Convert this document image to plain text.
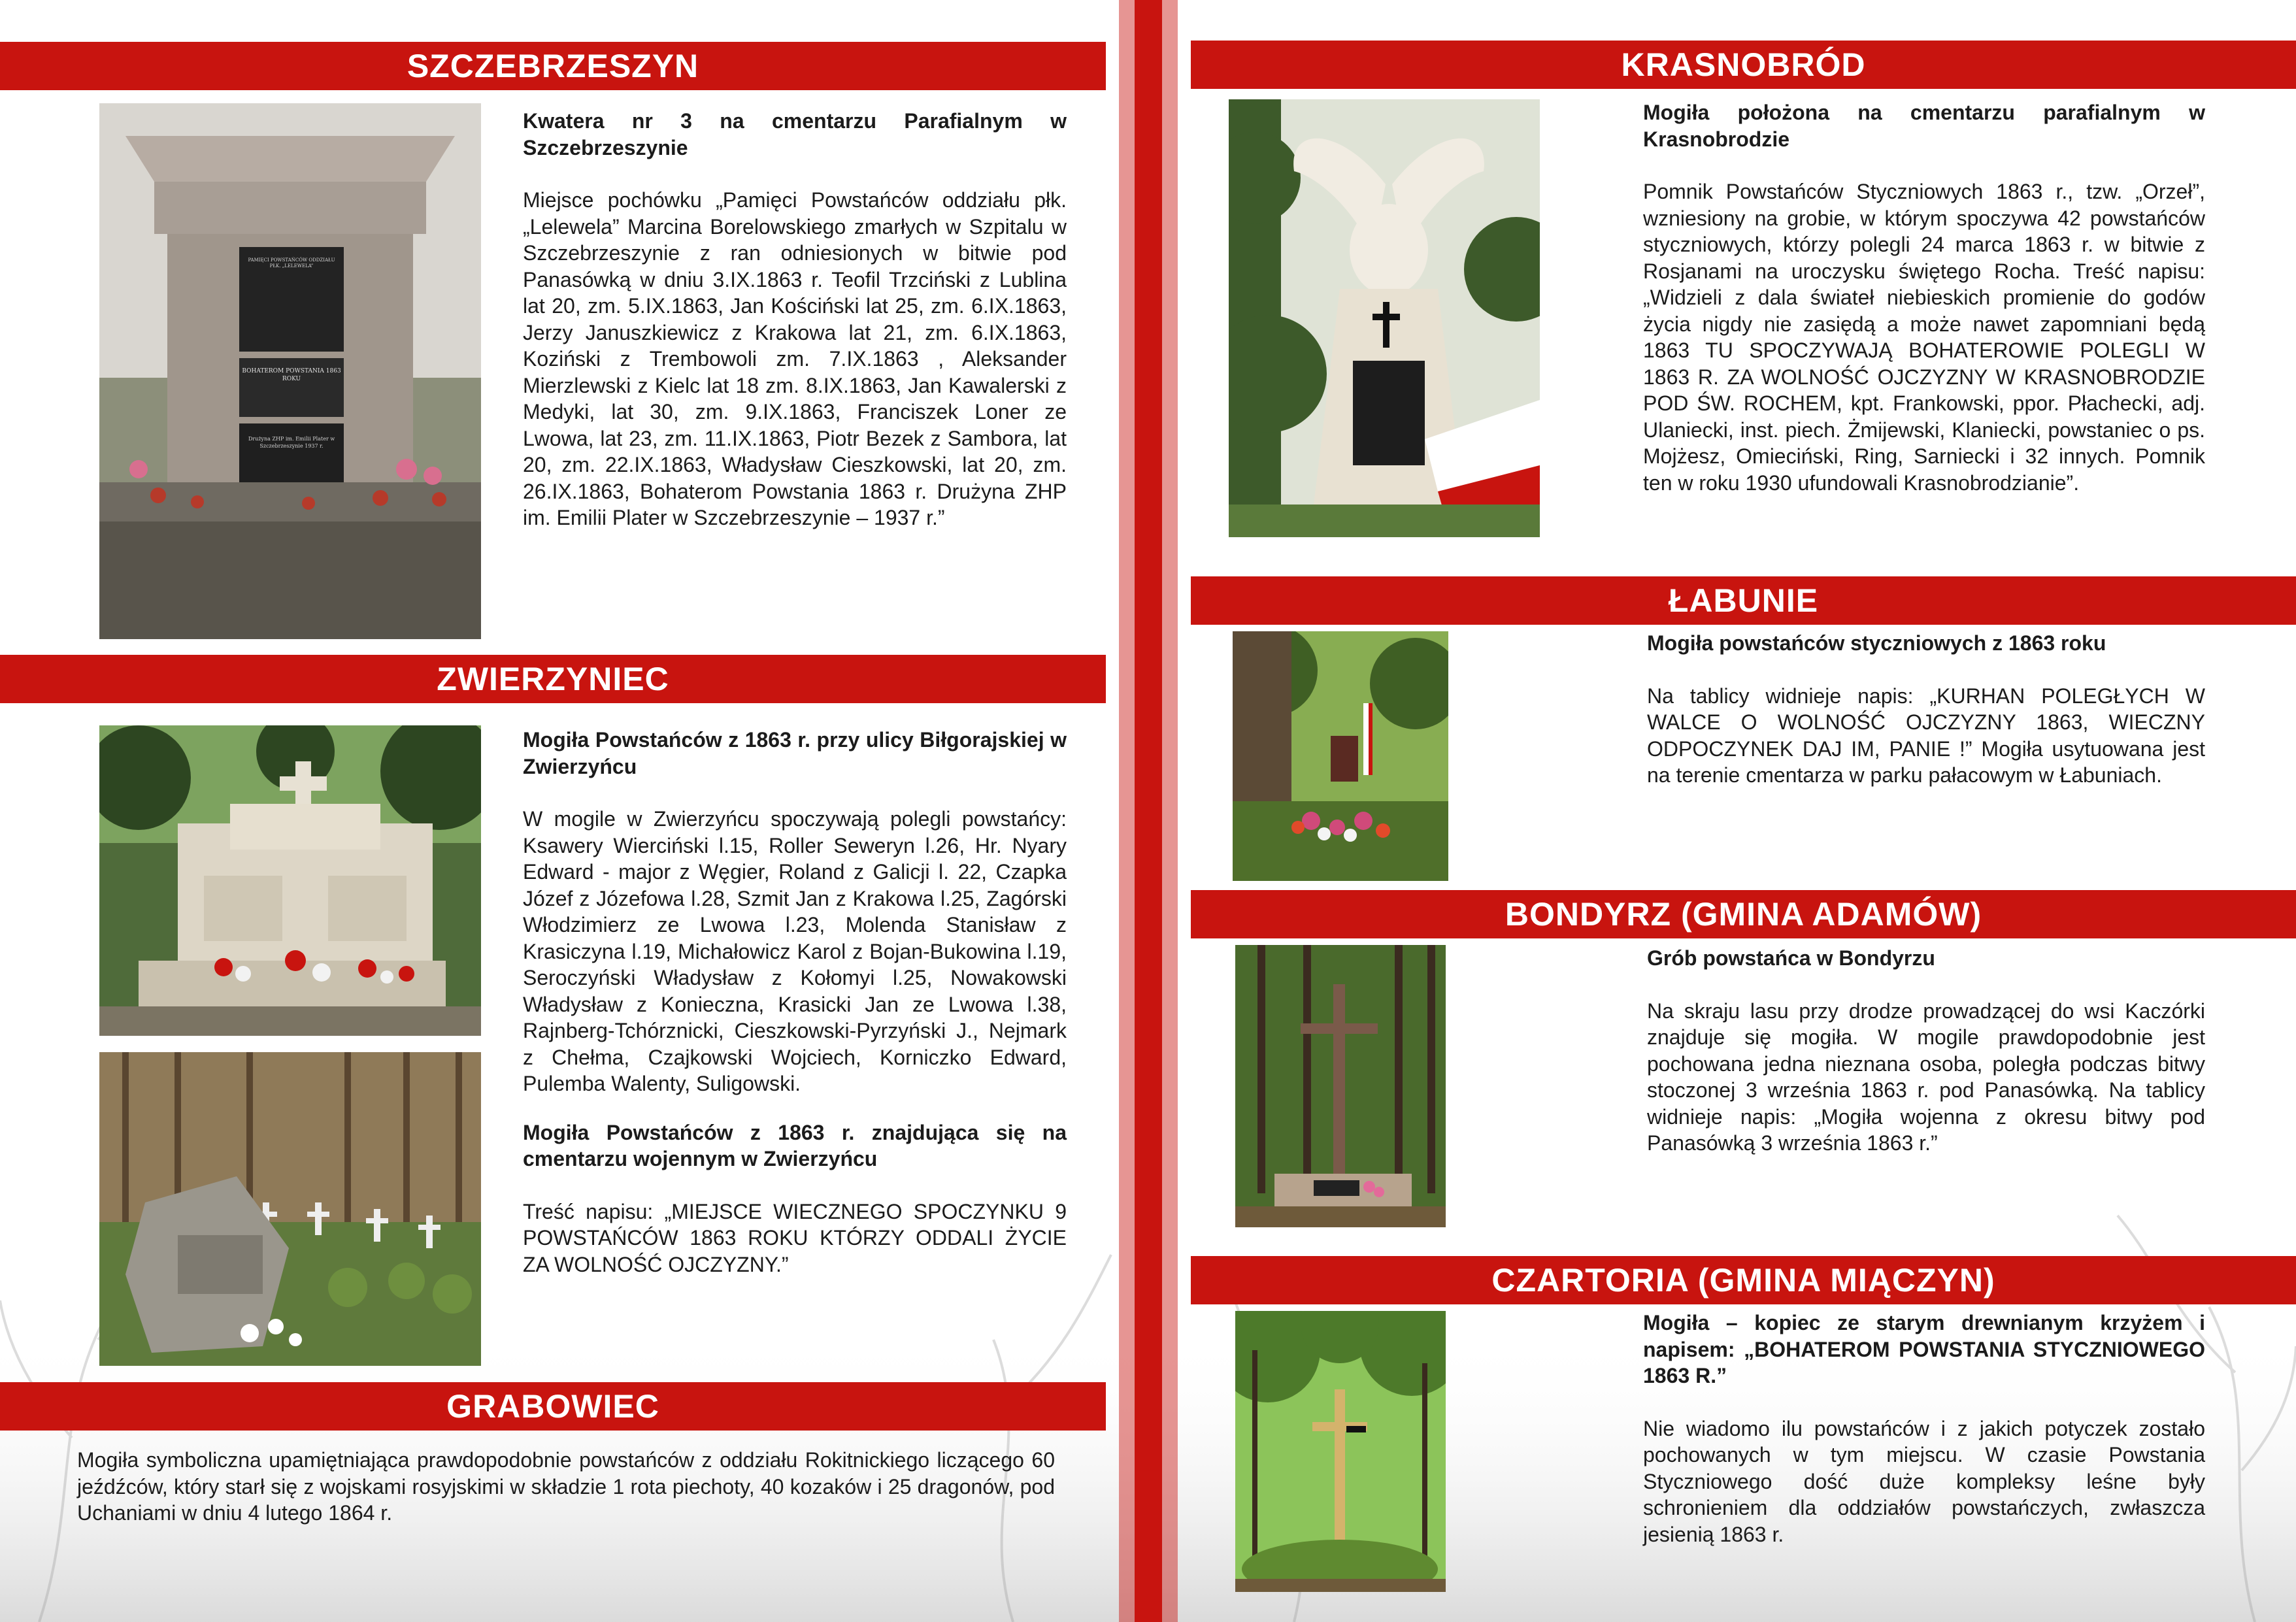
SZCZEBRZESZYN
PAMIĘCI POWSTAŃCÓW ODDZIAŁU PŁK. „LELEWELA”
BOHATEROM POWSTANIA 1863 ROKU
Drużyna ZHP im. Emilii Plater w Szczebrzeszynie 1937 r.
Kwatera nr 3 na cmentarzu Parafialnym w Szczebrzeszynie
Miejsce pochówku „Pamięci Powstańców oddziału płk. „Lelewela” Marcina Borelowskiego zmarłych w Szpitalu w Szczebrzeszynie z ran odniesionych w bitwie pod Panasówką w dniu 3.IX.1863 r. Teofil Trzciński z Lublina lat 20, zm. 5.IX.1863, Jan Kościński lat 25, zm. 6.IX.1863, Jerzy Januszkiewicz z Krakowa lat 21, zm. 6.IX.1863, Koziński z Trembowoli zm. 7.IX.1863 , Aleksander Mierzlewski z Kielc lat 18 zm. 8.IX.1863, Jan Kawalerski z Medyki, lat 30, zm. 9.IX.1863, Franciszek Loner ze Lwowa, lat 23, zm. 11.IX.1863, Piotr Bezek z Sambora, lat 20, zm. 22.IX.1863, Władysław Cieszkowski, lat 20, zm. 26.IX.1863, Bohaterom Powstania 1863 r. Drużyna ZHP im. Emilii Plater w Szczebrzeszynie – 1937 r.”
ZWIERZYNIEC
Mogiła Powstańców z 1863 r. przy ulicy Biłgorajskiej w Zwierzyńcu
W mogile w Zwierzyńcu spoczywają polegli powstańcy: Ksawery Wierciński l.15, Roller Seweryn l.26, Hr. Nyary Edward - major z Węgier, Roland z Galicji l. 22, Czapka Józef z Józefowa l.28, Szmit Jan z Krakowa l.25, Zagórski Włodzimierz ze Lwowa l.23, Molenda Stanisław z Krasiczyna l.19, Michałowicz Karol z Bojan-Bukowina l.19, Seroczyński Władysław z Kołomyi l.25, Nowakowski Władysław z Konieczna, Krasicki Jan ze Lwowa l.38, Rajnberg-Tchórznicki, Cieszkowski-Pyrzyński J., Nejmark z Chełma, Czajkowski Wojciech, Korniczko Edward, Pulemba Walenty, Suligowski.
Mogiła Powstańców z 1863 r. znajdująca się na cmentarzu wojennym w Zwierzyńcu
Treść napisu: „MIEJSCE WIECZNEGO SPOCZYNKU 9 POWSTAŃCÓW 1863 ROKU KTÓRZY ODDALI ŻYCIE ZA WOLNOŚĆ OJCZYZNY.”
GRABOWIEC
Mogiła symboliczna upamiętniająca prawdopodobnie powstańców z oddziału Rokitnickiego liczącego 60 jeźdźców, który starł się z wojskami rosyjskimi w składzie 1 rota piechoty, 40 kozaków i 25 dragonów, pod Uchaniami w dniu 4 lutego 1864 r.
KRASNOBRÓD
Mogiła położona na cmentarzu parafialnym w Krasnobrodzie
Pomnik Powstańców Styczniowych 1863 r., tzw. „Orzeł”, wzniesiony na grobie, w którym spoczywa 42 powstańców styczniowych, którzy polegli 24 marca 1863 r. w bitwie z Rosjanami na uroczysku świętego Rocha. Treść napisu: „Widzieli z dala świateł niebieskich promienie do godów życia nigdy nie zasiędą a może nawet zapomniani będą 1863 TU SPOCZYWAJĄ BOHATEROWIE POLEGLI W 1863 R. ZA WOLNOŚĆ OJCZYZNY W KRASNOBRODZIE POD ŚW. ROCHEM, kpt. Frankowski, ppor. Płachecki, adj. Ulaniecki, inst. piech. Żmijewski, Klaniecki, powstaniec o ps. Mojżesz, Omieciński, Ring, Sarniecki i 32 innych. Pomnik ten w roku 1930 ufundowali Krasnobrodzianie”.
ŁABUNIE
Mogiła powstańców styczniowych z 1863 roku
Na tablicy widnieje napis: „KURHAN POLEGŁYCH W WALCE O WOLNOŚĆ OJCZYZNY 1863, WIECZNY ODPOCZYNEK DAJ IM, PANIE !” Mogiła usytuowana jest na terenie cmentarza w parku pałacowym w Łabuniach.
BONDYRZ (GMINA ADAMÓW)
Grób powstańca w Bondyrzu
Na skraju lasu przy drodze prowadzącej do wsi Kaczórki znajduje się mogiła. W mogile prawdopodobnie jest pochowana jedna nieznana osoba, poległa podczas bitwy stoczonej 3 września 1863 r. pod Panasówką. Na tablicy widnieje napis: „Mogiła wojenna z okresu bitwy pod Panasówką 3 września 1863 r.”
CZARTORIA (GMINA MIĄCZYN)
Mogiła – kopiec ze starym drewnianym krzyżem i napisem: „BOHATEROM POWSTANIA STYCZNIOWEGO 1863 R.”
Nie wiadomo ilu powstańców i z jakich potyczek zostało pochowanych w tym miejscu. W czasie Powstania Styczniowego dość duże kompleksy leśne były schronieniem dla oddziałów powstańczych, zwłaszcza jesienią 1863 r.
